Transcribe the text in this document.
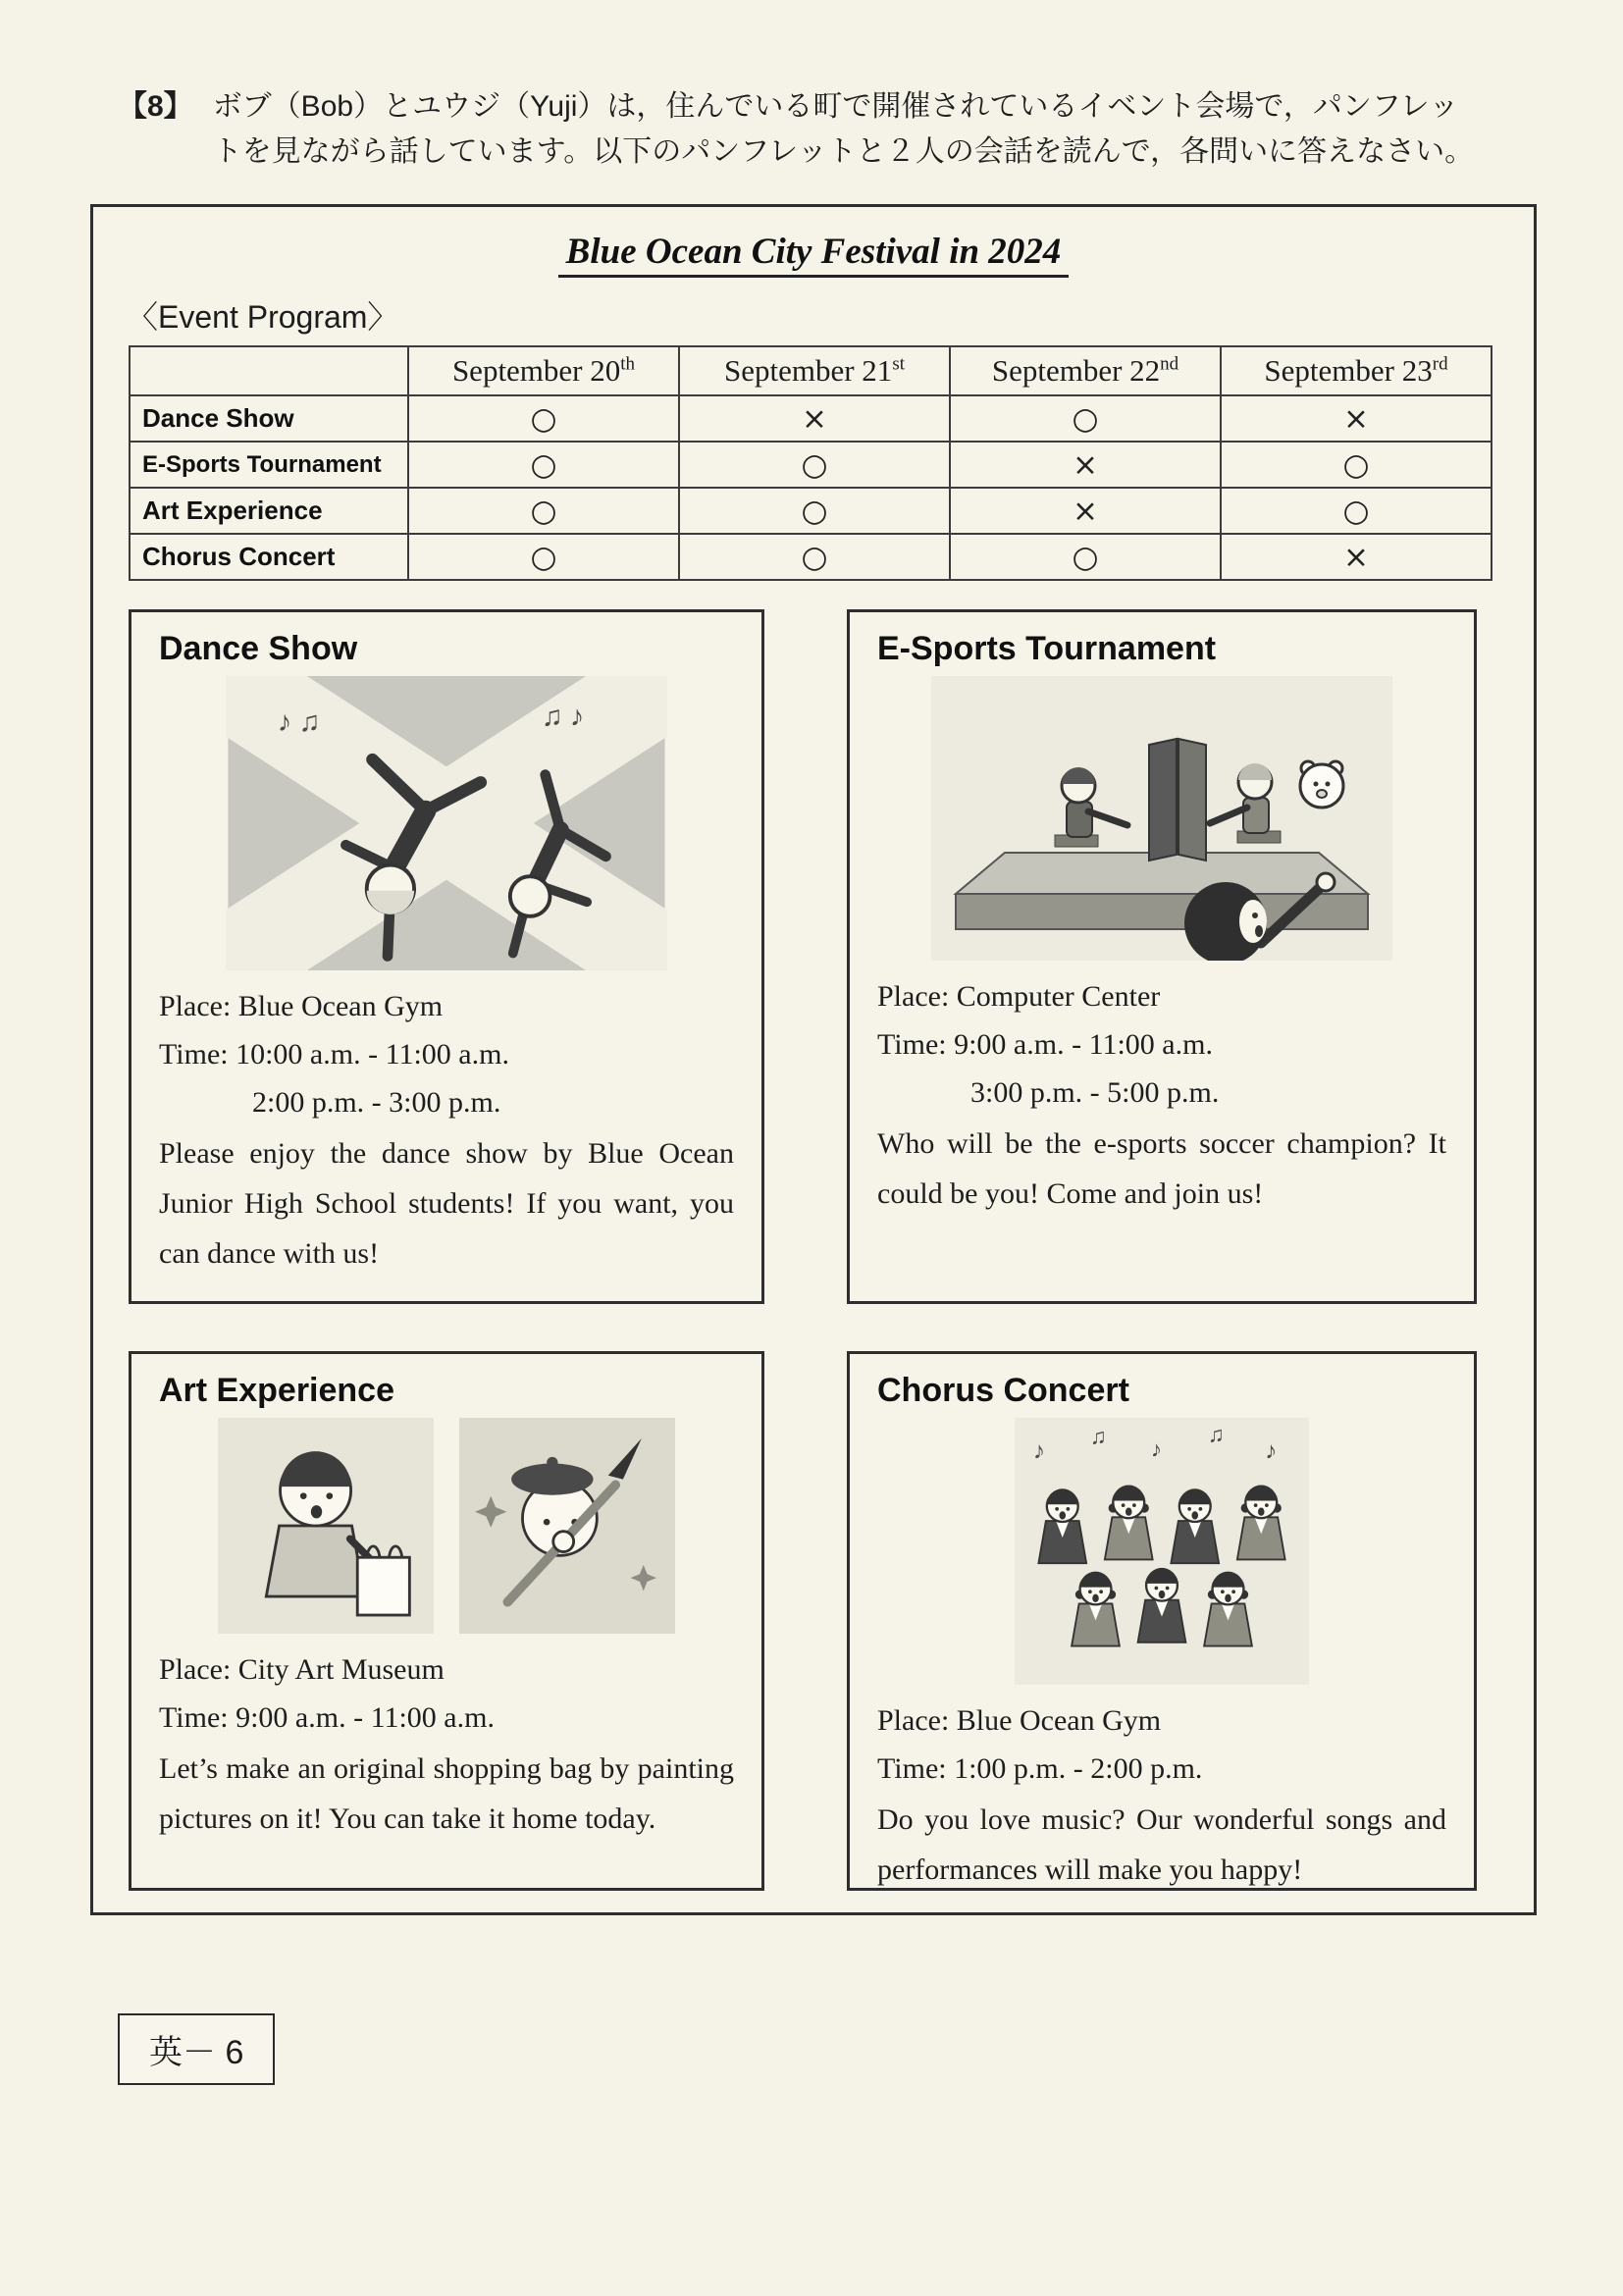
【8】 ボブ（Bob）とユウジ（Yuji）は，住んでいる町で開催されているイベント会場で，パンフレッ

トを見ながら話しています。以下のパンフレットと２人の会話を読んで，各問いに答えなさい。

Blue Ocean City Festival in 2024
〈Event Program〉
	September 20th	September 21st	September 22nd	September 23rd
Dance Show	○	×	○	×
E-Sports Tournament	○	○	×	○
Art Experience	○	○	×	○
Chorus Concert	○	○	○	×
Dance Show
♪ ♫	♫ ♪

Place: Blue Ocean Gym

Time: 10:00 a.m. - 11:00 a.m.

2:00 p.m. - 3:00 p.m.

Please enjoy the dance show by Blue Ocean Junior High School students! If you want, you can dance with us!

E-Sports Tournament

Place: Computer Center

Time: 9:00 a.m. - 11:00 a.m.

3:00 p.m. - 5:00 p.m.

Who will be the e-sports soccer champion? It could be you! Come and join us!

Art Experience

Place: City Art Museum

Time: 9:00 a.m. - 11:00 a.m.

Let’s make an original shopping bag by painting pictures on it! You can take it home today.

Chorus Concert
♪
♫
♪
♫
♪

Place: Blue Ocean Gym

Time: 1:00 p.m. - 2:00 p.m.

Do you love music? Our wonderful songs and performances will make you happy!

英－ 6
